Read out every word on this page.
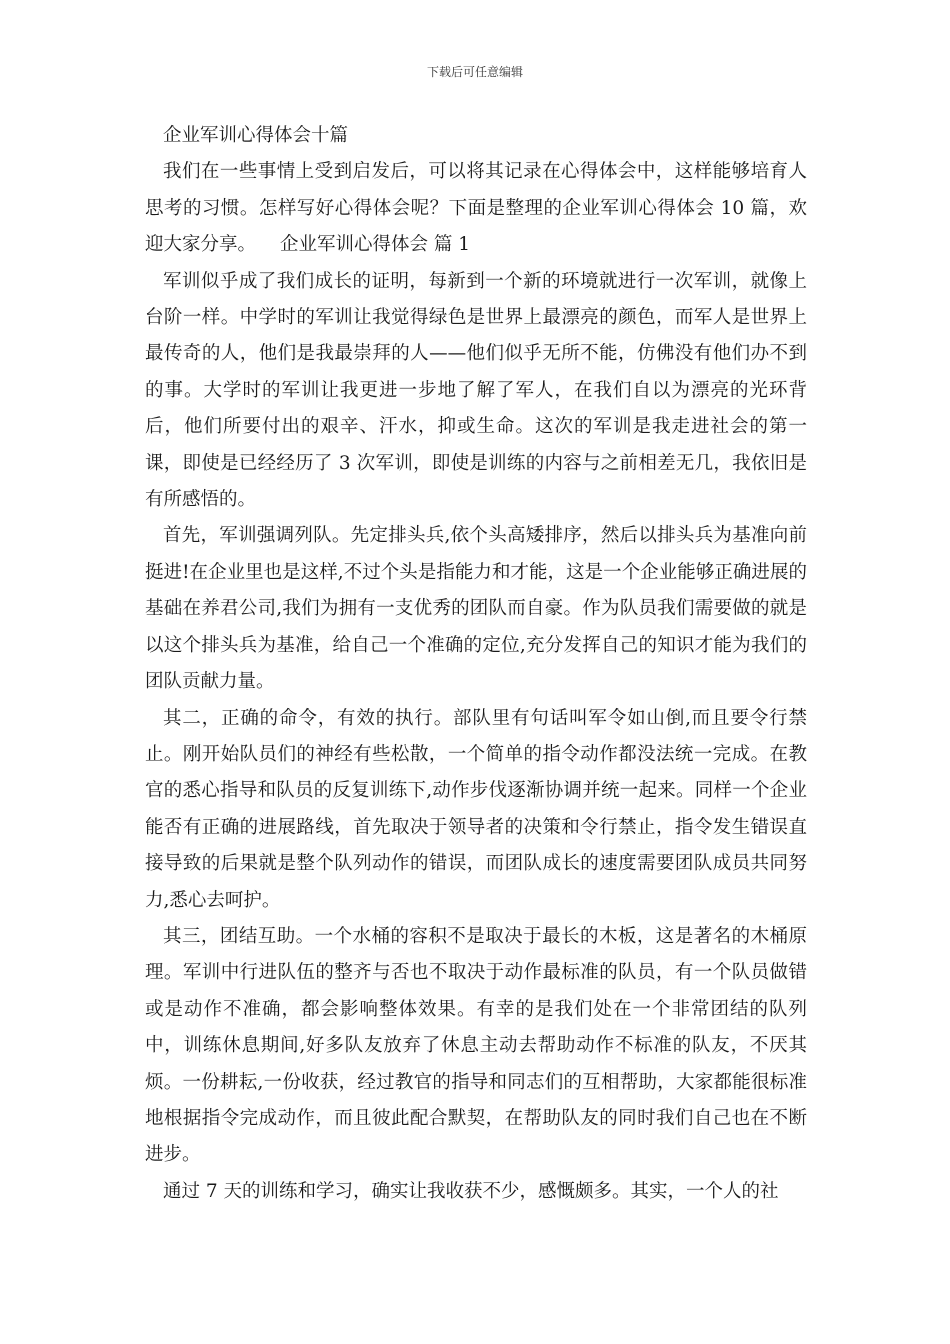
下载后可任意编辑

企业军训心得体会十篇

我们在一些事情上受到启发后，可以将其记录在心得体会中，这样能够培育人思考的习惯。怎样写好心得体会呢？下面是整理的企业军训心得体会 10 篇，欢迎大家分享。 企业军训心得体会 篇 1

军训似乎成了我们成长的证明，每新到一个新的环境就进行一次军训，就像上台阶一样。中学时的军训让我觉得绿色是世界上最漂亮的颜色，而军人是世界上最传奇的人，他们是我最崇拜的人——他们似乎无所不能，仿佛没有他们办不到的事。大学时的军训让我更进一步地了解了军人，在我们自以为漂亮的光环背后，他们所要付出的艰辛、汗水，抑或生命。这次的军训是我走进社会的第一课，即使是已经经历了 3 次军训，即使是训练的内容与之前相差无几，我依旧是有所感悟的。

首先，军训强调列队。先定排头兵,依个头高矮排序，然后以排头兵为基准向前挺进!在企业里也是这样,不过个头是指能力和才能，这是一个企业能够正确进展的基础在养君公司,我们为拥有一支优秀的团队而自豪。作为队员我们需要做的就是以这个排头兵为基准，给自己一个准确的定位,充分发挥自己的知识才能为我们的团队贡献力量。

其二，正确的命令，有效的执行。部队里有句话叫军令如山倒,而且要令行禁止。刚开始队员们的神经有些松散，一个简单的指令动作都没法统一完成。在教官的悉心指导和队员的反复训练下,动作步伐逐渐协调并统一起来。同样一个企业能否有正确的进展路线，首先取决于领导者的决策和令行禁止，指令发生错误直接导致的后果就是整个队列动作的错误，而团队成长的速度需要团队成员共同努力,悉心去呵护。

其三，团结互助。一个水桶的容积不是取决于最长的木板，这是著名的木桶原理。军训中行进队伍的整齐与否也不取决于动作最标准的队员，有一个队员做错或是动作不准确，都会影响整体效果。有幸的是我们处在一个非常团结的队列中，训练休息期间,好多队友放弃了休息主动去帮助动作不标准的队友，不厌其烦。一份耕耘,一份收获，经过教官的指导和同志们的互相帮助，大家都能很标准地根据指令完成动作，而且彼此配合默契，在帮助队友的同时我们自己也在不断进步。

通过 7 天的训练和学习，确实让我收获不少，感慨颇多。其实，一个人的社
